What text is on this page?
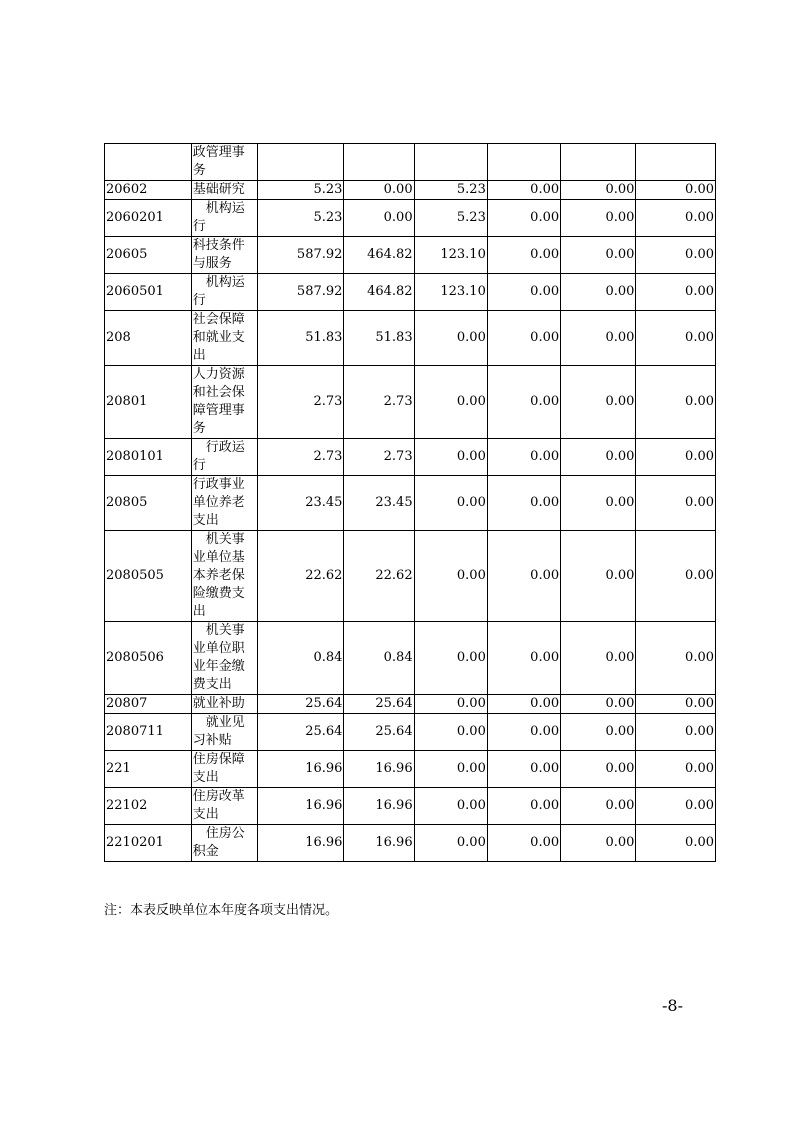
	政管理事务						
20602	基础研究	5.23	0.00	5.23	0.00	0.00	0.00
2060201	机构运行	5.23	0.00	5.23	0.00	0.00	0.00
20605	科技条件与服务	587.92	464.82	123.10	0.00	0.00	0.00
2060501	机构运行	587.92	464.82	123.10	0.00	0.00	0.00
208	社会保障和就业支出	51.83	51.83	0.00	0.00	0.00	0.00
20801	人力资源和社会保障管理事务	2.73	2.73	0.00	0.00	0.00	0.00
2080101	行政运行	2.73	2.73	0.00	0.00	0.00	0.00
20805	行政事业单位养老支出	23.45	23.45	0.00	0.00	0.00	0.00
2080505	机关事业单位基本养老保险缴费支出	22.62	22.62	0.00	0.00	0.00	0.00
2080506	机关事业单位职业年金缴费支出	0.84	0.84	0.00	0.00	0.00	0.00
20807	就业补助	25.64	25.64	0.00	0.00	0.00	0.00
2080711	就业见习补贴	25.64	25.64	0.00	0.00	0.00	0.00
221	住房保障支出	16.96	16.96	0.00	0.00	0.00	0.00
22102	住房改革支出	16.96	16.96	0.00	0.00	0.00	0.00
2210201	住房公积金	16.96	16.96	0.00	0.00	0.00	0.00
注：本表反映单位本年度各项支出情况。
-8-
